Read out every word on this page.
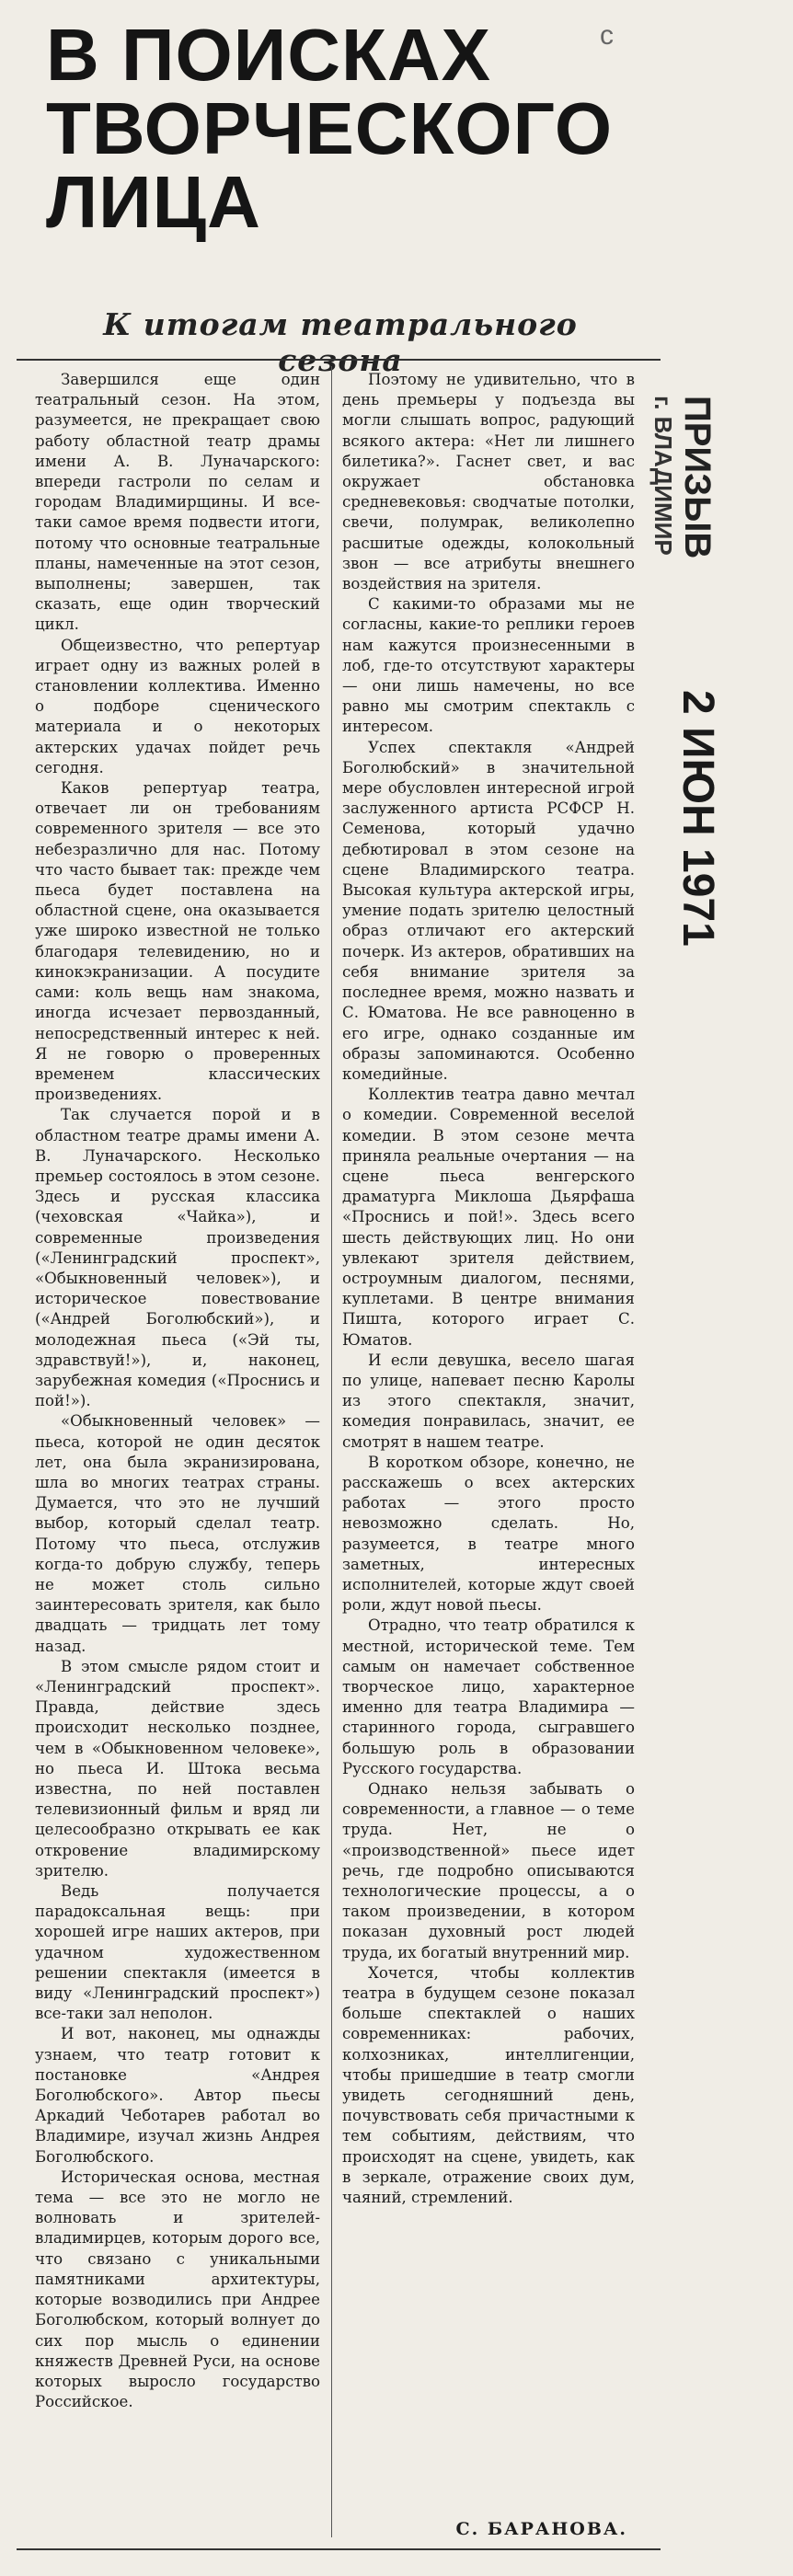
В ПОИСКАХ
ТВОРЧЕСКОГО
ЛИЦА
с
К итогам театрального сезона

Завершился еще один театральный сезон. На этом, разумеется, не прекращает свою работу областной театр драмы имени А. В. Луначарского: впереди гастроли по селам и городам Владимирщины. И все-таки самое время подвести итоги, потому что основные театральные планы, намеченные на этот сезон, выполнены; завершен, так сказать, еще один творческий цикл.

Общеизвестно, что репертуар играет одну из важных ролей в становлении коллектива. Именно о подборе сценического материала и о некоторых актерских удачах пойдет речь сегодня.

Каков репертуар театра, отвечает ли он требованиям современного зрителя — все это небезразлично для нас. Потому что часто бывает так: прежде чем пьеса будет поставлена на областной сцене, она оказывается уже широко известной не только благодаря телевидению, но и кинокэкранизации. А посудите сами: коль вещь нам знакома, иногда исчезает первозданный, непосредственный интерес к ней. Я не говорю о проверенных временем классических произведениях.

Так случается порой и в областном театре драмы имени А. В. Луначарского. Несколько премьер состоялось в этом сезоне. Здесь и русская классика (чеховская «Чайка»), и современные произведения («Ленинградский проспект», «Обыкновенный человек»), и историческое повествование («Андрей Боголюбский»), и молодежная пьеса («Эй ты, здравствуй!»), и, наконец, зарубежная комедия («Проснись и пой!»).

«Обыкновенный человек» — пьеса, которой не один десяток лет, она была экранизирована, шла во многих театрах страны. Думается, что это не лучший выбор, который сделал театр. Потому что пьеса, отслужив когда-то добрую службу, теперь не может столь сильно заинтересовать зрителя, как было двадцать — тридцать лет тому назад.

В этом смысле рядом стоит и «Ленинградский проспект». Правда, действие здесь происходит несколько позднее, чем в «Обыкновенном человеке», но пьеса И. Штока весьма известна, по ней поставлен телевизионный фильм и вряд ли целесообразно открывать ее как откровение владимирскому зрителю.

Ведь получается парадоксальная вещь: при хорошей игре наших актеров, при удачном художественном решении спектакля (имеется в виду «Ленинградский проспект») все-таки зал неполон.

И вот, наконец, мы однажды узнаем, что театр готовит к постановке «Андрея Боголюбского». Автор пьесы Аркадий Чеботарев работал во Владимире, изучал жизнь Андрея Боголюбского.

Историческая основа, местная тема — все это не могло не волновать и зрителей-владимирцев, которым дорого все, что связано с уникальными памятниками архитектуры, которые возводились при Андрее Боголюбском, который волнует до сих пор мысль о единении княжеств Древней Руси, на основе которых выросло государство Российское.

Поэтому не удивительно, что в день премьеры у подъезда вы могли слышать вопрос, радующий всякого актера: «Нет ли лишнего билетика?». Гаснет свет, и вас окружает обстановка средневековья: сводчатые потолки, свечи, полумрак, великолепно расшитые одежды, колокольный звон — все атрибуты внешнего воздействия на зрителя.

С какими-то образами мы не согласны, какие-то реплики героев нам кажутся произнесенными в лоб, где-то отсутствуют характеры — они лишь намечены, но все равно мы смотрим спектакль с интересом.

Успех спектакля «Андрей Боголюбский» в значительной мере обусловлен интересной игрой заслуженного артиста РСФСР Н. Семенова, который удачно дебютировал в этом сезоне на сцене Владимирского театра. Высокая культура актерской игры, умение подать зрителю целостный образ отличают его актерский почерк. Из актеров, обративших на себя внимание зрителя за последнее время, можно назвать и С. Юматова. Не все равноценно в его игре, однако созданные им образы запоминаются. Особенно комедийные.

Коллектив театра давно мечтал о комедии. Современной веселой комедии. В этом сезоне мечта приняла реальные очертания — на сцене пьеса венгерского драматурга Миклоша Дьярфаша «Проснись и пой!». Здесь всего шесть действующих лиц. Но они увлекают зрителя действием, остроумным диалогом, песнями, куплетами. В центре внимания Пишта, которого играет С. Юматов.

И если девушка, весело шагая по улице, напевает песню Каролы из этого спектакля, значит, комедия понравилась, значит, ее смотрят в нашем театре.

В коротком обзоре, конечно, не расскажешь о всех актерских работах — этого просто невозможно сделать. Но, разумеется, в театре много заметных, интересных исполнителей, которые ждут своей роли, ждут новой пьесы.

Отрадно, что театр обратился к местной, исторической теме. Тем самым он намечает собственное творческое лицо, характерное именно для театра Владимира — старинного города, сыгравшего большую роль в образовании Русского государства.

Однако нельзя забывать о современности, а главное — о теме труда. Нет, не о «производственной» пьесе идет речь, где подробно описываются технологические процессы, а о таком произведении, в котором показан духовный рост людей труда, их богатый внутренний мир.

Хочется, чтобы коллектив театра в будущем сезоне показал больше спектаклей о наших современниках: рабочих, колхозниках, интеллигенции, чтобы пришедшие в театр смогли увидеть сегодняшний день, почувствовать себя причастными к тем событиям, действиям, что происходят на сцене, увидеть, как в зеркале, отражение своих дум, чаяний, стремлений.

С. БАРАНОВА.

г. ВЛАДИМИР ПРИЗЫВ
2 ИЮН 1971
